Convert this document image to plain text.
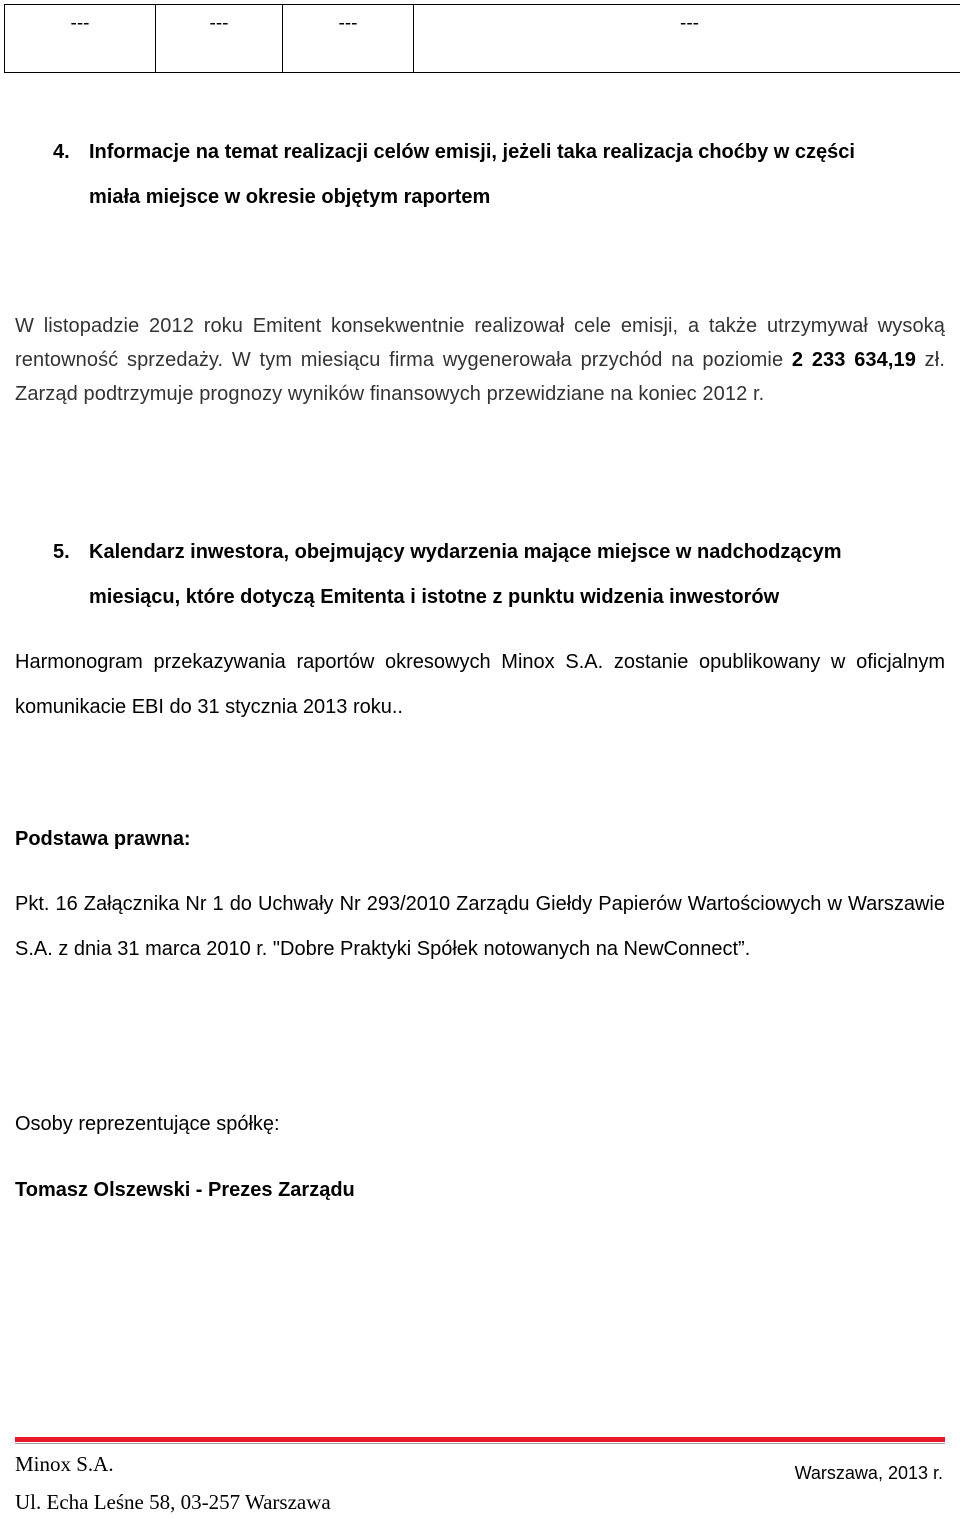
---	---	---	---
4. Informacje na temat realizacji celów emisji, jeżeli taka realizacja choćby w części
miała miejsce w okresie objętym raportem
W listopadzie 2012 roku Emitent konsekwentnie realizował cele emisji, a także utrzymywał wysoką rentowność sprzedaży. W tym miesiącu firma wygenerowała przychód na poziomie 2 233 634,19 zł. Zarząd podtrzymuje prognozy wyników finansowych przewidziane na koniec 2012 r.
5. Kalendarz inwestora, obejmujący wydarzenia mające miejsce w nadchodzącym
miesiącu, które dotyczą Emitenta i istotne z punktu widzenia inwestorów
Harmonogram przekazywania raportów okresowych Minox S.A. zostanie opublikowany w oficjalnym komunikacie EBI do 31 stycznia 2013 roku..
Podstawa prawna:
Pkt. 16 Załącznika Nr 1 do Uchwały Nr 293/2010 Zarządu Giełdy Papierów Wartościowych w Warszawie S.A. z dnia 31 marca 2010 r. "Dobre Praktyki Spółek notowanych na NewConnect”.
Osoby reprezentujące spółkę:
Tomasz Olszewski - Prezes Zarządu
Minox S.A.	Warszawa, 2013 r.
Ul. Echa Leśne 58, 03-257 Warszawa
